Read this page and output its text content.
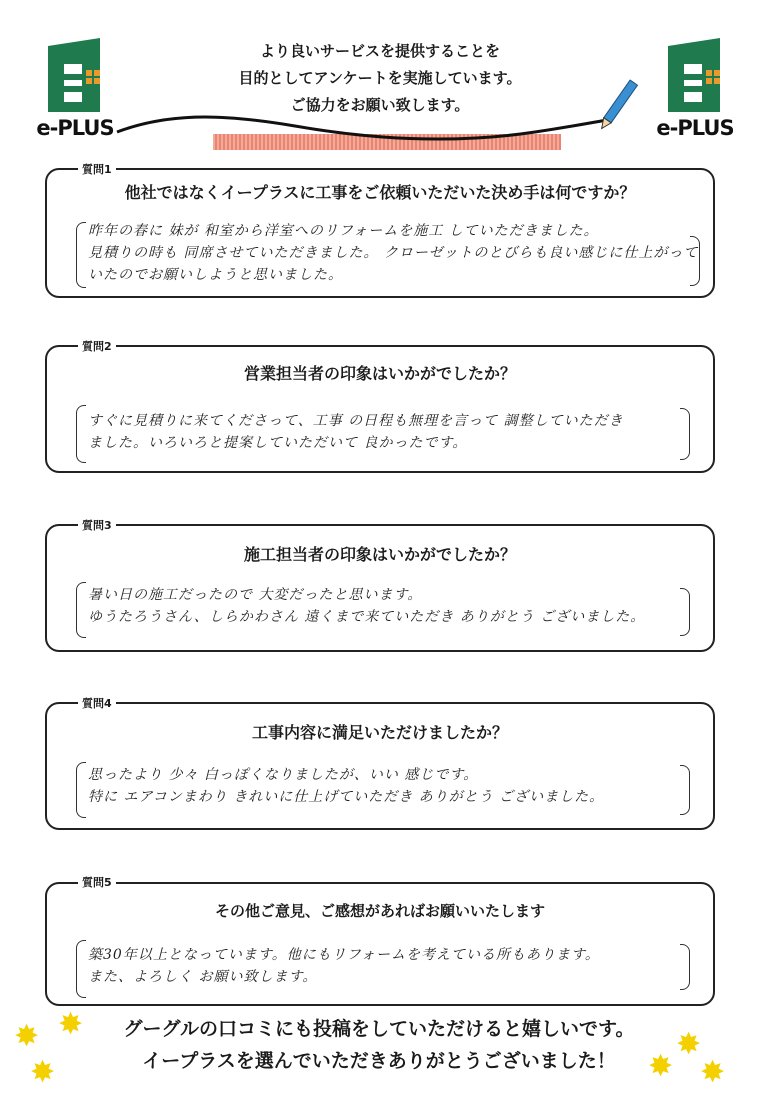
e-PLUS	e-PLUS
より良いサービスを提供することを
目的としてアンケートを実施しています。
ご協力をお願い致します。
他社ではなくイープラスに工事をご依頼いただいた決め手は何ですか？
質問1
昨年の春に 妹が 和室から洋室へのリフォームを施工 していただきました。
見積りの時も 同席させていただきました。 クローゼットのとびらも良い感じに仕上がって
いたのでお願いしようと思いました。
営業担当者の印象はいかがでしたか？
質問2
すぐに見積りに来てくださって、工事 の日程も無理を言って 調整していただき
ました。いろいろと提案していただいて 良かったです。
施工担当者の印象はいかがでしたか？
質問3
暑い日の施工だったので 大変だったと思います。
ゆうたろうさん、しらかわさん 遠くまで来ていただき ありがとう ございました。
工事内容に満足いただけましたか？
質問4
思ったより 少々 白っぽくなりましたが、いい 感じです。
特に エアコンまわり きれいに仕上げていただき ありがとう ございました。
その他ご意見、ご感想があればお願いいたします
質問5
築30年以上となっています。他にもリフォームを考えている所もあります。
また、よろしく お願い致します。
グーグルの口コミにも投稿をしていただけると嬉しいです。
イープラスを選んでいただきありがとうございました！
✸ ✸
✸
✸
✸ ✸
